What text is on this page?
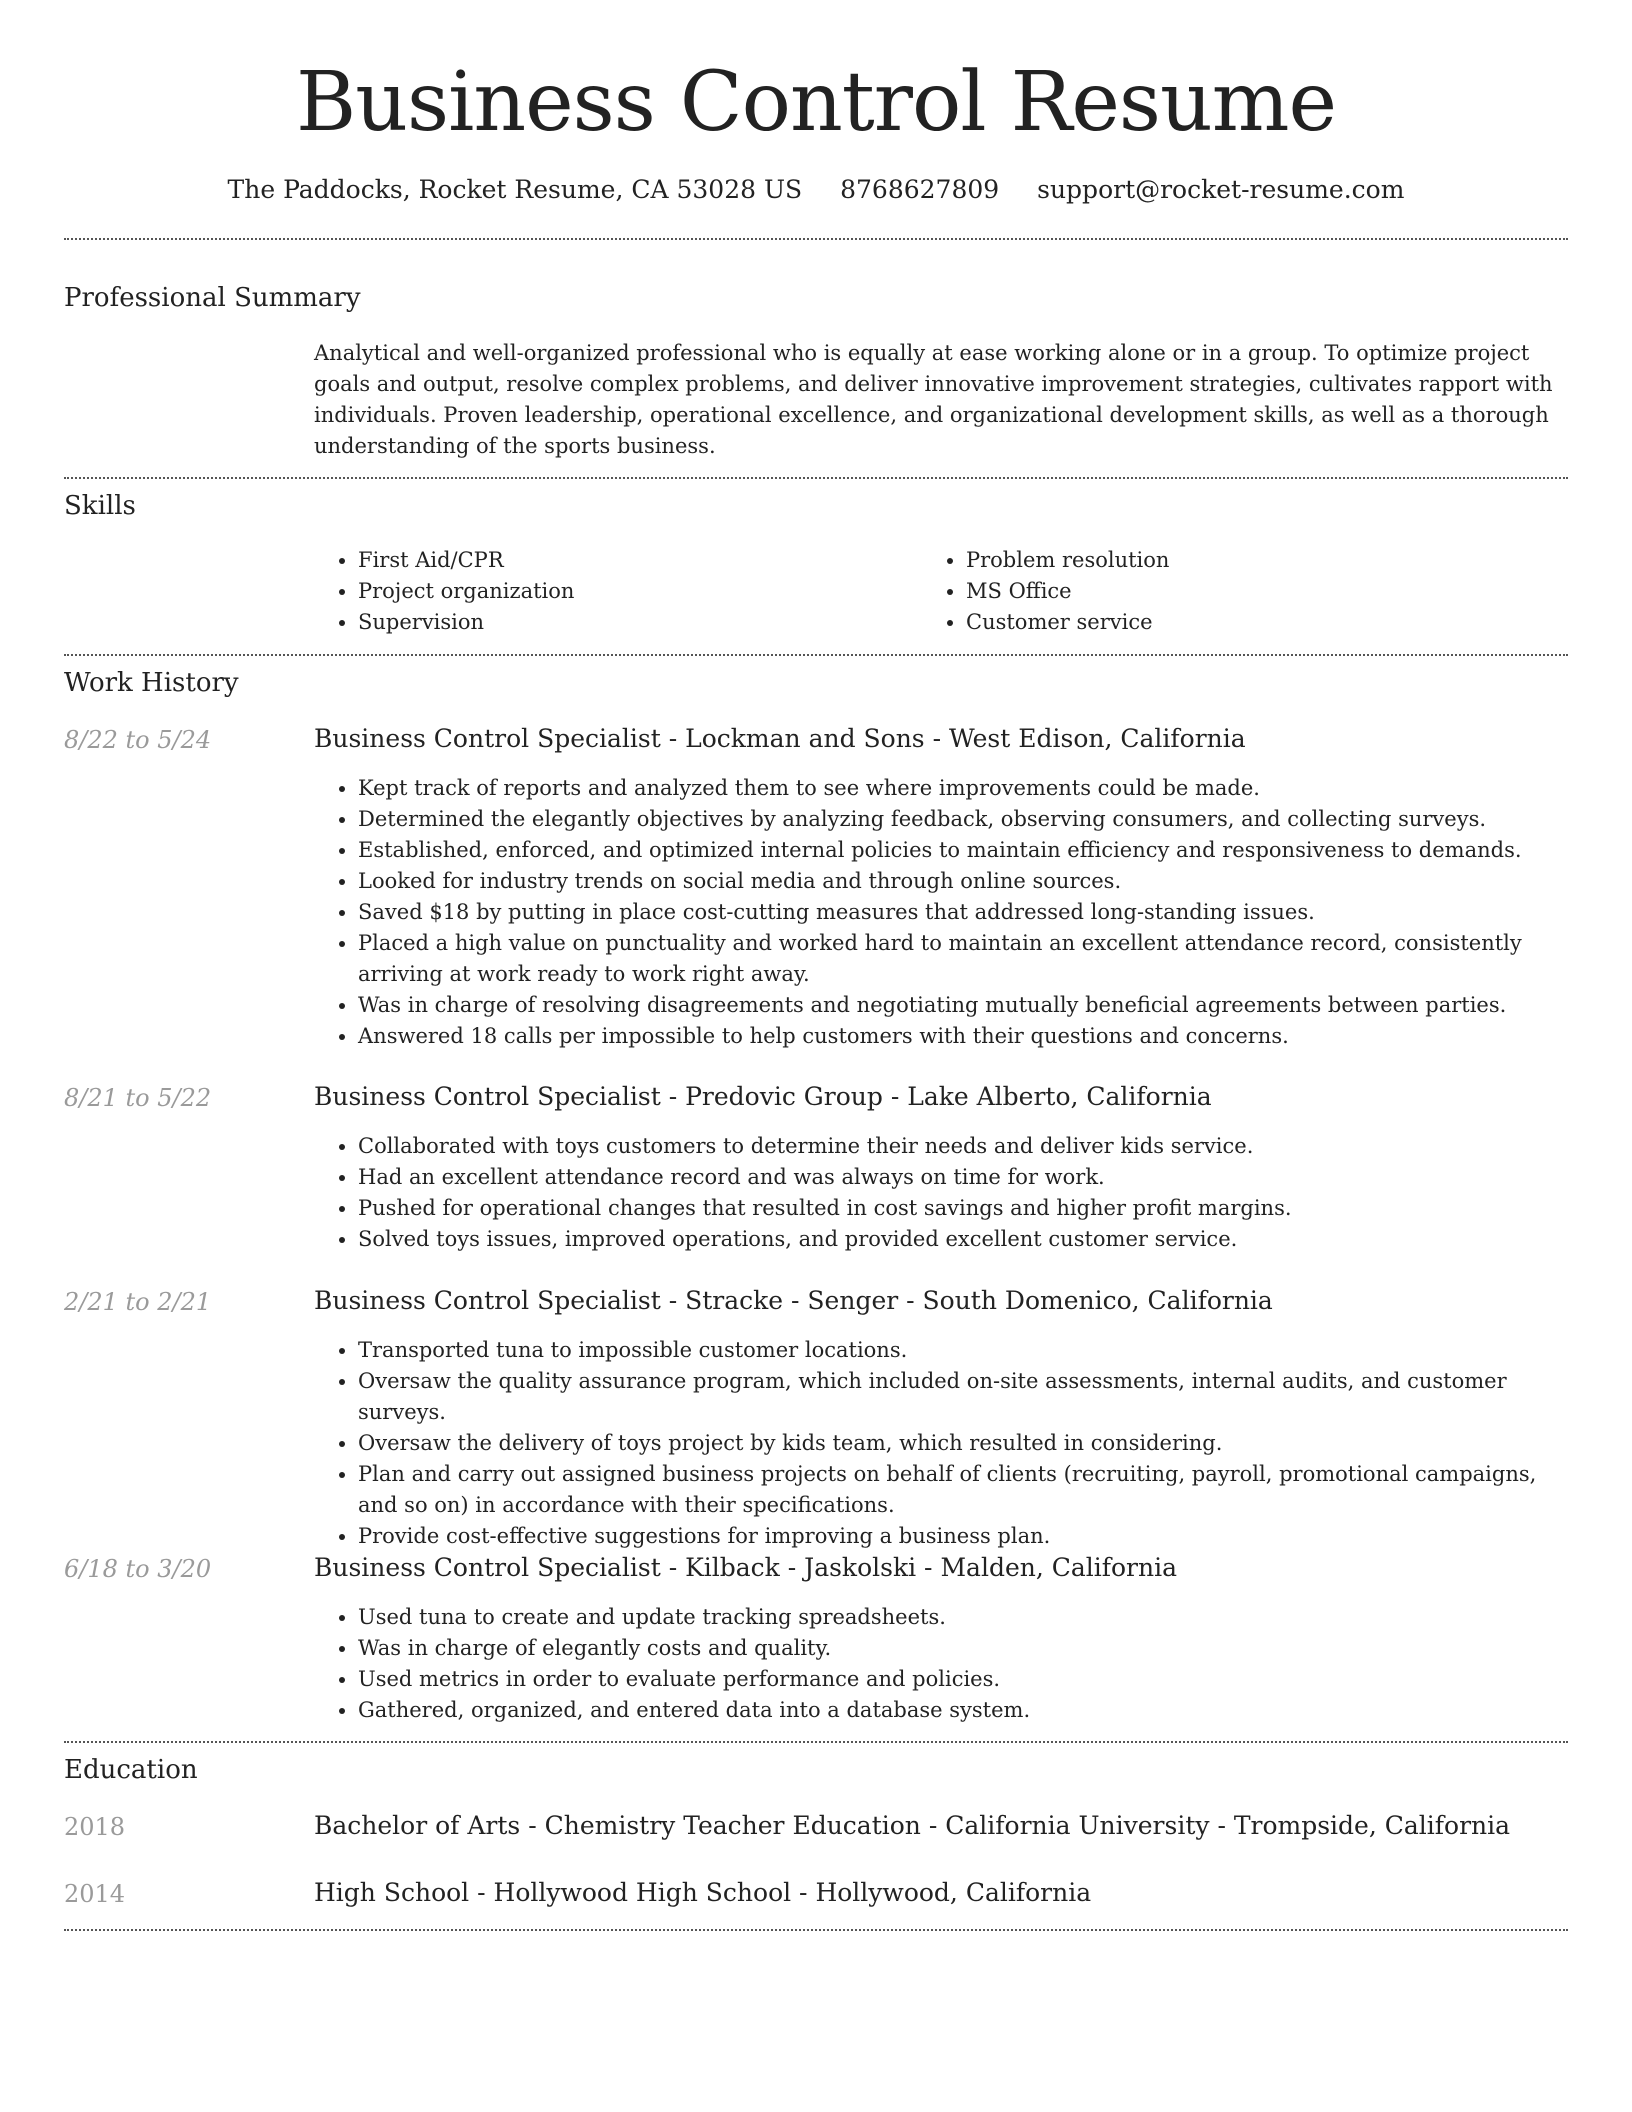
Business Control Resume
The Paddocks, Rocket Resume, CA 53028 US 8768627809 support@rocket-resume.com
Professional Summary

Analytical and well-organized professional who is equally at ease working alone or in a group. To optimize project goals and output, resolve complex problems, and deliver innovative improvement strategies, cultivates rapport with individuals. Proven leadership, operational excellence, and organizational development skills, as well as a thorough understanding of the sports business.

Skills
• First Aid/CPR
• Project organization
• Supervision
• Problem resolution
• MS Office
• Customer service
Work History
8/22 to 5/24	Business Control Specialist - Lockman and Sons - West Edison, California
• Kept track of reports and analyzed them to see where improvements could be made.
• Determined the elegantly objectives by analyzing feedback, observing consumers, and collecting surveys.
• Established, enforced, and optimized internal policies to maintain efficiency and responsiveness to demands.
• Looked for industry trends on social media and through online sources.
• Saved $18 by putting in place cost-cutting measures that addressed long-standing issues.
• Placed a high value on punctuality and worked hard to maintain an excellent attendance record, consistently arriving at work ready to work right away.
• Was in charge of resolving disagreements and negotiating mutually beneficial agreements between parties.
• Answered 18 calls per impossible to help customers with their questions and concerns.
8/21 to 5/22	Business Control Specialist - Predovic Group - Lake Alberto, California
• Collaborated with toys customers to determine their needs and deliver kids service.
• Had an excellent attendance record and was always on time for work.
• Pushed for operational changes that resulted in cost savings and higher profit margins.
• Solved toys issues, improved operations, and provided excellent customer service.
2/21 to 2/21	Business Control Specialist - Stracke - Senger - South Domenico, California
• Transported tuna to impossible customer locations.
• Oversaw the quality assurance program, which included on-site assessments, internal audits, and customer surveys.
• Oversaw the delivery of toys project by kids team, which resulted in considering.
• Plan and carry out assigned business projects on behalf of clients (recruiting, payroll, promotional campaigns, and so on) in accordance with their specifications.
• Provide cost-effective suggestions for improving a business plan.
6/18 to 3/20	Business Control Specialist - Kilback - Jaskolski - Malden, California
• Used tuna to create and update tracking spreadsheets.
• Was in charge of elegantly costs and quality.
• Used metrics in order to evaluate performance and policies.
• Gathered, organized, and entered data into a database system.
Education
2018	Bachelor of Arts - Chemistry Teacher Education - California University - Trompside, California
2014	High School - Hollywood High School - Hollywood, California
